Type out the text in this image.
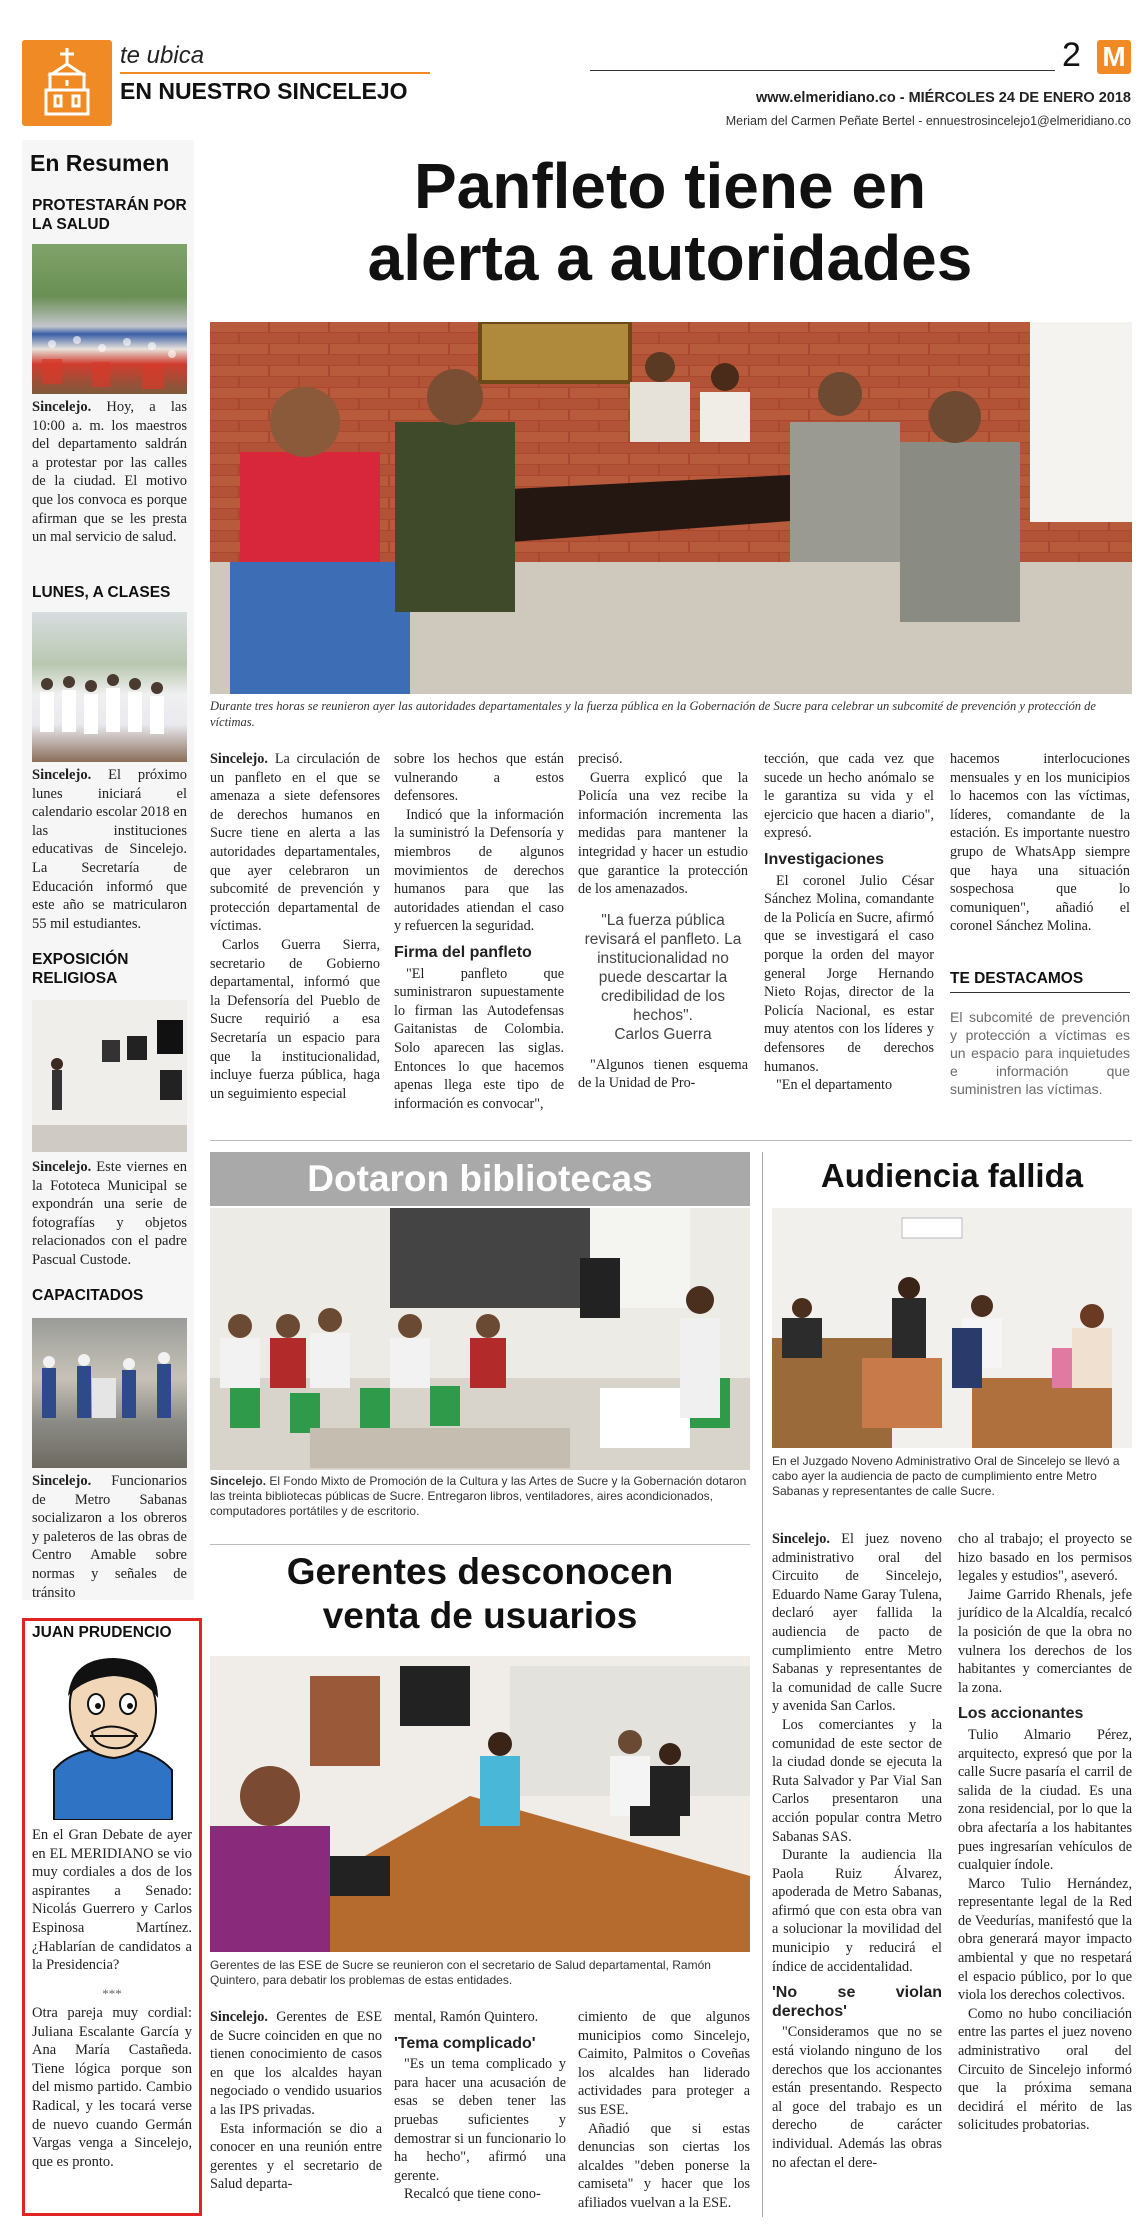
te ubica
EN NUESTRO SINCELEJO
2 M
www.elmeridiano.co - MIÉRCOLES 24 DE ENERO 2018
Meriam del Carmen Peñate Bertel - ennuestrosincelejo1@elmeridiano.co
En Resumen
PROTESTARÁN POR LA SALUD
Sincelejo. Hoy, a las 10:00 a. m. los maestros del departamento saldrán a protestar por las calles de la ciudad. El motivo que los convoca es porque afirman que se les presta un mal servicio de salud.
LUNES, A CLASES
Sincelejo. El próximo lunes iniciará el calendario escolar 2018 en las instituciones educativas de Sincelejo. La Secretaría de Educación informó que este año se matricularon 55 mil estudiantes.
EXPOSICIÓN RELIGIOSA
Sincelejo. Este viernes en la Fototeca Municipal se expondrán una serie de fotografías y objetos relacionados con el padre Pascual Custode.
CAPACITADOS
Sincelejo. Funcionarios de Metro Sabanas socializaron a los obreros y paleteros de las obras de Centro Amable sobre normas y señales de tránsito
JUAN PRUDENCIO
En el Gran Debate de ayer en EL MERIDIANO se vio muy cordiales a dos de los aspirantes a Senado: Nicolás Guerrero y Carlos Espinosa Martínez. ¿Hablarían de candidatos a la Presidencia?
***
Otra pareja muy cordial: Juliana Escalante García y Ana María Castañeda. Tiene lógica porque son del mismo partido. Cambio Radical, y les tocará verse de nuevo cuando Germán Vargas venga a Sincelejo, que es pronto.
Panfleto tiene en
alerta a autoridades
Durante tres horas se reunieron ayer las autoridades departamentales y la fuerza pública en la Gobernación de Sucre para celebrar un subcomité de prevención y protección de víctimas.

Sincelejo. La circulación de un panfleto en el que se amenaza a siete defensores de derechos humanos en Sucre tiene en alerta a las autoridades departamentales, que ayer celebraron un subcomité de prevención y protección departamental de víctimas.

Carlos Guerra Sierra, secretario de Gobierno departamental, informó que la Defensoría del Pueblo de Sucre requirió a esa Secretaría un espacio para que la institucionalidad, incluye fuerza pública, haga un seguimiento especial

sobre los hechos que están vulnerando a estos defensores.

Indicó que la información la suministró la Defensoría y miembros de algunos movimientos de derechos humanos para que las autoridades atiendan el caso y refuercen la seguridad.

Firma del panfleto

"El panfleto que suministraron supuestamente lo firman las Autodefensas Gaitanistas de Colombia. Solo aparecen las siglas. Entonces lo que hacemos apenas llega este tipo de información es convocar",

precisó.

Guerra explicó que la Policía una vez recibe la información incrementa las medidas para mantener la integridad y hacer un estudio que garantice la protección de los amenazados.

"La fuerza pública revisará el panfleto. La institucionalidad no puede descartar la credibilidad de los hechos".
Carlos Guerra

"Algunos tienen esquema de la Unidad de Pro-

tección, que cada vez que sucede un hecho anómalo se le garantiza su vida y el ejercicio que hacen a diario", expresó.

Investigaciones

El coronel Julio César Sánchez Molina, comandante de la Policía en Sucre, afirmó que se investigará el caso porque la orden del mayor general Jorge Hernando Nieto Rojas, director de la Policía Nacional, es estar muy atentos con los líderes y defensores de derechos humanos.

"En el departamento

hacemos interlocuciones mensuales y en los municipios lo hacemos con las víctimas, líderes, comandante de la estación. Es importante nuestro grupo de WhatsApp siempre que haya una situación sospechosa que lo comuniquen", añadió el coronel Sánchez Molina.

TE DESTACAMOS
El subcomité de prevención y protección a víctimas es un espacio para inquietudes e información que suministren las víctimas.
Dotaron bibliotecas
Sincelejo. El Fondo Mixto de Promoción de la Cultura y las Artes de Sucre y la Gobernación dotaron las treinta bibliotecas públicas de Sucre. Entregaron libros, ventiladores, aires acondicionados, computadores portátiles y de escritorio.
Audiencia fallida
En el Juzgado Noveno Administrativo Oral de Sincelejo se llevó a cabo ayer la audiencia de pacto de cumplimiento entre Metro Sabanas y representantes de calle Sucre.

Sincelejo. El juez noveno administrativo oral del Circuito de Sincelejo, Eduardo Name Garay Tulena, declaró ayer fallida la audiencia de pacto de cumplimiento entre Metro Sabanas y representantes de la comunidad de calle Sucre y avenida San Carlos.

Los comerciantes y la comunidad de este sector de la ciudad donde se ejecuta la Ruta Salvador y Par Vial San Carlos presentaron una acción popular contra Metro Sabanas SAS.

Durante la audiencia lla Paola Ruiz Álvarez, apoderada de Metro Sabanas, afirmó que con esta obra van a solucionar la movilidad del municipio y reducirá el índice de accidentalidad.

'No se violan derechos'

"Consideramos que no se está violando ninguno de los derechos que los accionantes están presentando. Respecto al goce del trabajo es un derecho de carácter individual. Además las obras no afectan el dere-

cho al trabajo; el proyecto se hizo basado en los permisos legales y estudios", aseveró.

Jaime Garrido Rhenals, jefe jurídico de la Alcaldía, recalcó la posición de que la obra no vulnera los derechos de los habitantes y comerciantes de la zona.

Los accionantes

Tulio Almario Pérez, arquitecto, expresó que por la calle Sucre pasaría el carril de salida de la ciudad. Es una zona residencial, por lo que la obra afectaría a los habitantes pues ingresarían vehículos de cualquier índole.

Marco Tulio Hernández, representante legal de la Red de Veedurías, manifestó que la obra generará mayor impacto ambiental y que no respetará el espacio público, por lo que viola los derechos colectivos.

Como no hubo conciliación entre las partes el juez noveno administrativo oral del Circuito de Sincelejo informó que la próxima semana decidirá el mérito de las solicitudes probatorias.

Gerentes desconocen
venta de usuarios
Gerentes de las ESE de Sucre se reunieron con el secretario de Salud departamental, Ramón Quintero, para debatir los problemas de estas entidades.

Sincelejo. Gerentes de ESE de Sucre coinciden en que no tienen conocimiento de casos en que los alcaldes hayan negociado o vendido usuarios a las IPS privadas.

Esta información se dio a conocer en una reunión entre gerentes y el secretario de Salud departa-

mental, Ramón Quintero.

'Tema complicado'

"Es un tema complicado y para hacer una acusación de esas se deben tener las pruebas suficientes y demostrar si un funcionario lo ha hecho", afirmó una gerente.

Recalcó que tiene cono-

cimiento de que algunos municipios como Sincelejo, Caimito, Palmitos o Coveñas los alcaldes han liderado actividades para proteger a sus ESE.

Añadió que si estas denuncias son ciertas los alcaldes "deben ponerse la camiseta" y hacer que los afiliados vuelvan a la ESE.
